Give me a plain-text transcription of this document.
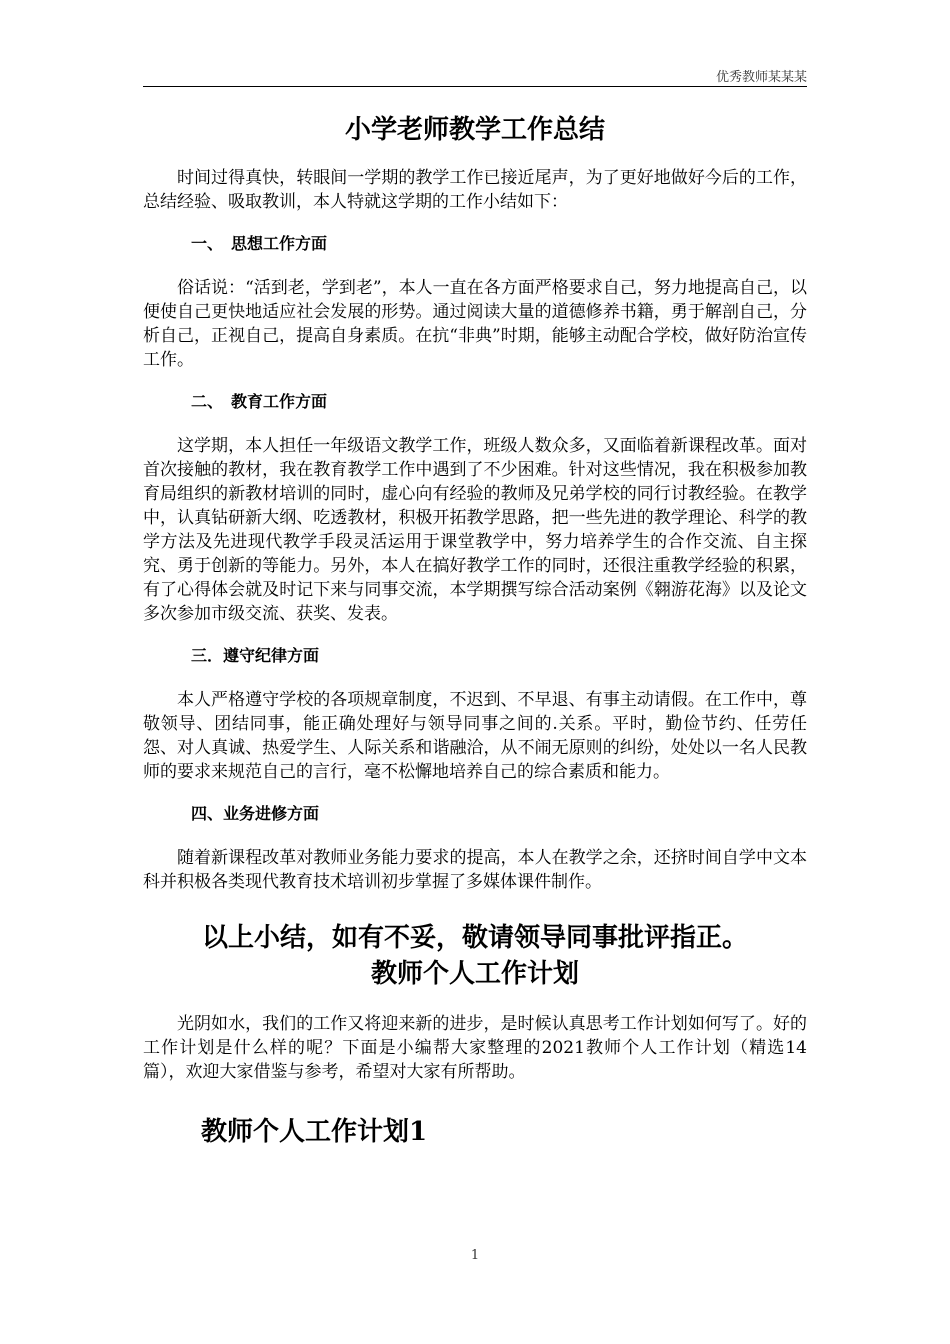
优秀教师某某某
小学老师教学工作总结

时间过得真快，转眼间一学期的教学工作已接近尾声，为了更好地做好今后的工作，总结经验、吸取教训，本人特就这学期的工作小结如下：

一、　思想工作方面

俗话说：“活到老，学到老”，本人一直在各方面严格要求自己，努力地提高自己，以便使自己更快地适应社会发展的形势。通过阅读大量的道德修养书籍，勇于解剖自己，分析自己，正视自己，提高自身素质。在抗“非典”时期，能够主动配合学校，做好防治宣传工作。

二、　教育工作方面

这学期，本人担任一年级语文教学工作，班级人数众多，又面临着新课程改革。面对首次接触的教材，我在教育教学工作中遇到了不少困难。针对这些情况，我在积极参加教育局组织的新教材培训的同时，虚心向有经验的教师及兄弟学校的同行讨教经验。在教学中，认真钻研新大纲、吃透教材，积极开拓教学思路，把一些先进的教学理论、科学的教学方法及先进现代教学手段灵活运用于课堂教学中，努力培养学生的合作交流、自主探究、勇于创新的等能力。另外，本人在搞好教学工作的同时，还很注重教学经验的积累，有了心得体会就及时记下来与同事交流，本学期撰写综合活动案例《翱游花海》以及论文多次参加市级交流、获奖、发表。

三．遵守纪律方面

本人严格遵守学校的各项规章制度，不迟到、不早退、有事主动请假。在工作中，尊敬领导、团结同事，能正确处理好与领导同事之间的.关系。平时，勤俭节约、任劳任怨、对人真诚、热爱学生、人际关系和谐融洽，从不闹无原则的纠纷，处处以一名人民教师的要求来规范自己的言行，毫不松懈地培养自己的综合素质和能力。

四、业务进修方面

随着新课程改革对教师业务能力要求的提高，本人在教学之余，还挤时间自学中文本科并积极各类现代教育技术培训初步掌握了多媒体课件制作。

以上小结，如有不妥，敬请领导同事批评指正。
教师个人工作计划

光阴如水，我们的工作又将迎来新的进步，是时候认真思考工作计划如何写了。好的工作计划是什么样的呢？下面是小编帮大家整理的2021教师个人工作计划（精选14篇），欢迎大家借鉴与参考，希望对大家有所帮助。

教师个人工作计划1
1
